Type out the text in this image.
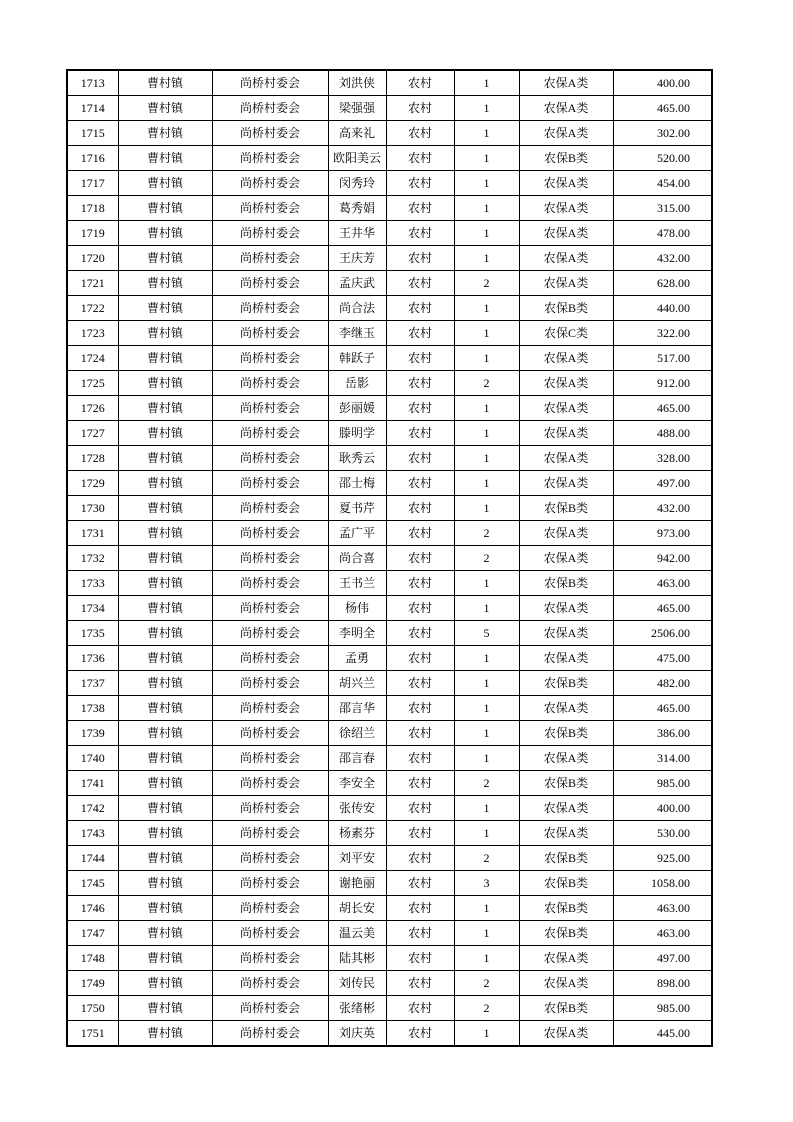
1713	曹村镇	尚桥村委会	刘洪侠	农村	1	农保A类	400.00
1714	曹村镇	尚桥村委会	梁强强	农村	1	农保A类	465.00
1715	曹村镇	尚桥村委会	高来礼	农村	1	农保A类	302.00
1716	曹村镇	尚桥村委会	欧阳美云	农村	1	农保B类	520.00
1717	曹村镇	尚桥村委会	闵秀玲	农村	1	农保A类	454.00
1718	曹村镇	尚桥村委会	葛秀娟	农村	1	农保A类	315.00
1719	曹村镇	尚桥村委会	王井华	农村	1	农保A类	478.00
1720	曹村镇	尚桥村委会	王庆芳	农村	1	农保A类	432.00
1721	曹村镇	尚桥村委会	孟庆武	农村	2	农保A类	628.00
1722	曹村镇	尚桥村委会	尚合法	农村	1	农保B类	440.00
1723	曹村镇	尚桥村委会	李继玉	农村	1	农保C类	322.00
1724	曹村镇	尚桥村委会	韩跃子	农村	1	农保A类	517.00
1725	曹村镇	尚桥村委会	岳影	农村	2	农保A类	912.00
1726	曹村镇	尚桥村委会	彭丽媛	农村	1	农保A类	465.00
1727	曹村镇	尚桥村委会	滕明学	农村	1	农保A类	488.00
1728	曹村镇	尚桥村委会	耿秀云	农村	1	农保A类	328.00
1729	曹村镇	尚桥村委会	邵士梅	农村	1	农保A类	497.00
1730	曹村镇	尚桥村委会	夏书芹	农村	1	农保B类	432.00
1731	曹村镇	尚桥村委会	孟广平	农村	2	农保A类	973.00
1732	曹村镇	尚桥村委会	尚合喜	农村	2	农保A类	942.00
1733	曹村镇	尚桥村委会	王书兰	农村	1	农保B类	463.00
1734	曹村镇	尚桥村委会	杨伟	农村	1	农保A类	465.00
1735	曹村镇	尚桥村委会	李明全	农村	5	农保A类	2506.00
1736	曹村镇	尚桥村委会	孟勇	农村	1	农保A类	475.00
1737	曹村镇	尚桥村委会	胡兴兰	农村	1	农保B类	482.00
1738	曹村镇	尚桥村委会	邵言华	农村	1	农保A类	465.00
1739	曹村镇	尚桥村委会	徐绍兰	农村	1	农保B类	386.00
1740	曹村镇	尚桥村委会	邵言春	农村	1	农保A类	314.00
1741	曹村镇	尚桥村委会	李安全	农村	2	农保B类	985.00
1742	曹村镇	尚桥村委会	张传安	农村	1	农保A类	400.00
1743	曹村镇	尚桥村委会	杨素芬	农村	1	农保A类	530.00
1744	曹村镇	尚桥村委会	刘平安	农村	2	农保B类	925.00
1745	曹村镇	尚桥村委会	谢艳丽	农村	3	农保B类	1058.00
1746	曹村镇	尚桥村委会	胡长安	农村	1	农保B类	463.00
1747	曹村镇	尚桥村委会	温云美	农村	1	农保B类	463.00
1748	曹村镇	尚桥村委会	陆其彬	农村	1	农保A类	497.00
1749	曹村镇	尚桥村委会	刘传民	农村	2	农保A类	898.00
1750	曹村镇	尚桥村委会	张绪彬	农村	2	农保B类	985.00
1751	曹村镇	尚桥村委会	刘庆英	农村	1	农保A类	445.00
